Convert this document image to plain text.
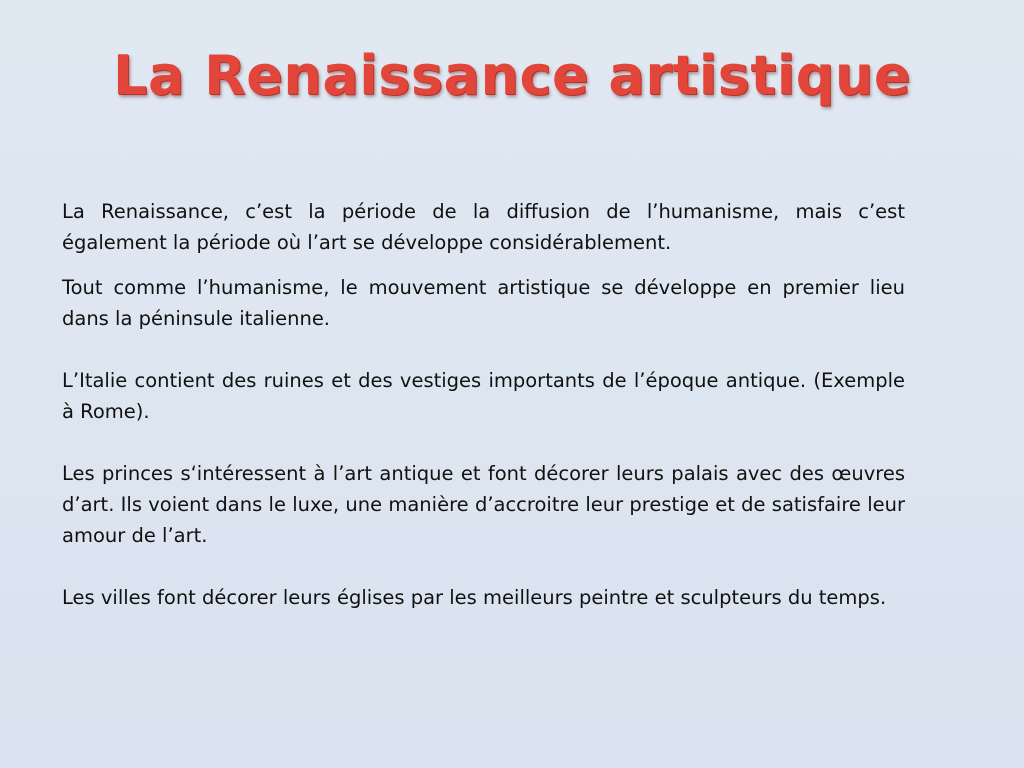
La Renaissance artistique

La Renaissance, c’est la période de la diffusion de l’humanisme, mais c’est également la période où l’art se développe considérablement.

Tout comme l’humanisme, le mouvement artistique se développe en premier lieu dans la péninsule italienne.

L’Italie contient des ruines et des vestiges importants de l’époque antique. (Exemple à Rome).

Les princes s‘intéressent à l’art antique et font décorer leurs palais avec des œuvres d’art. Ils voient dans le luxe, une manière d’accroitre leur prestige et de satisfaire leur amour de l’art.

Les villes font décorer leurs églises par les meilleurs peintre et sculpteurs du temps.
